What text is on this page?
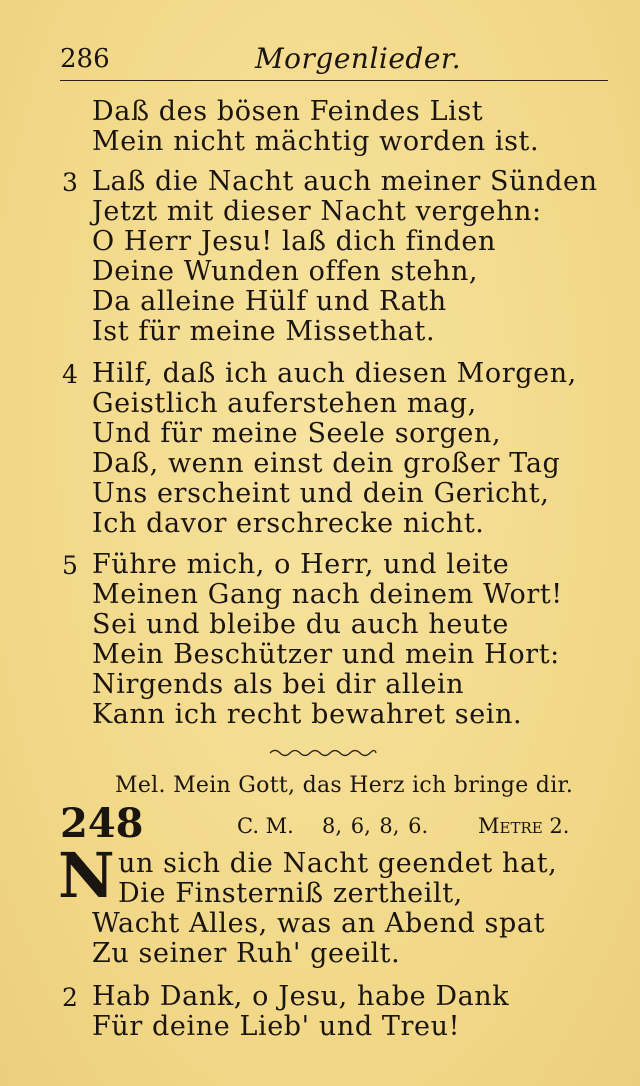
286	Morgenlieder.
Daß des bösen Feindes List
Mein nicht mächtig worden ist.
3 Laß die Nacht auch meiner Sünden
Jetzt mit dieser Nacht vergehn:
O Herr Jesu! laß dich finden
Deine Wunden offen stehn,
Da alleine Hülf und Rath
Ist für meine Missethat.
4 Hilf, daß ich auch diesen Morgen,
Geistlich auferstehen mag,
Und für meine Seele sorgen,
Daß, wenn einst dein großer Tag
Uns erscheint und dein Gericht,
Ich davor erschrecke nicht.
5 Führe mich, o Herr, und leite
Meinen Gang nach deinem Wort!
Sei und bleibe du auch heute
Mein Beschützer und mein Hort:
Nirgends als bei dir allein
Kann ich recht bewahret sein.
Mel. Mein Gott, das Herz ich bringe dir.
248	C. M. 8, 6, 8, 6. Metre 2.
N un sich die Nacht geendet hat,
Die Finsterniß zertheilt,
Wacht Alles, was an Abend spat
Zu seiner Ruh' geeilt.
2 Hab Dank, o Jesu, habe Dank
Für deine Lieb' und Treu!
